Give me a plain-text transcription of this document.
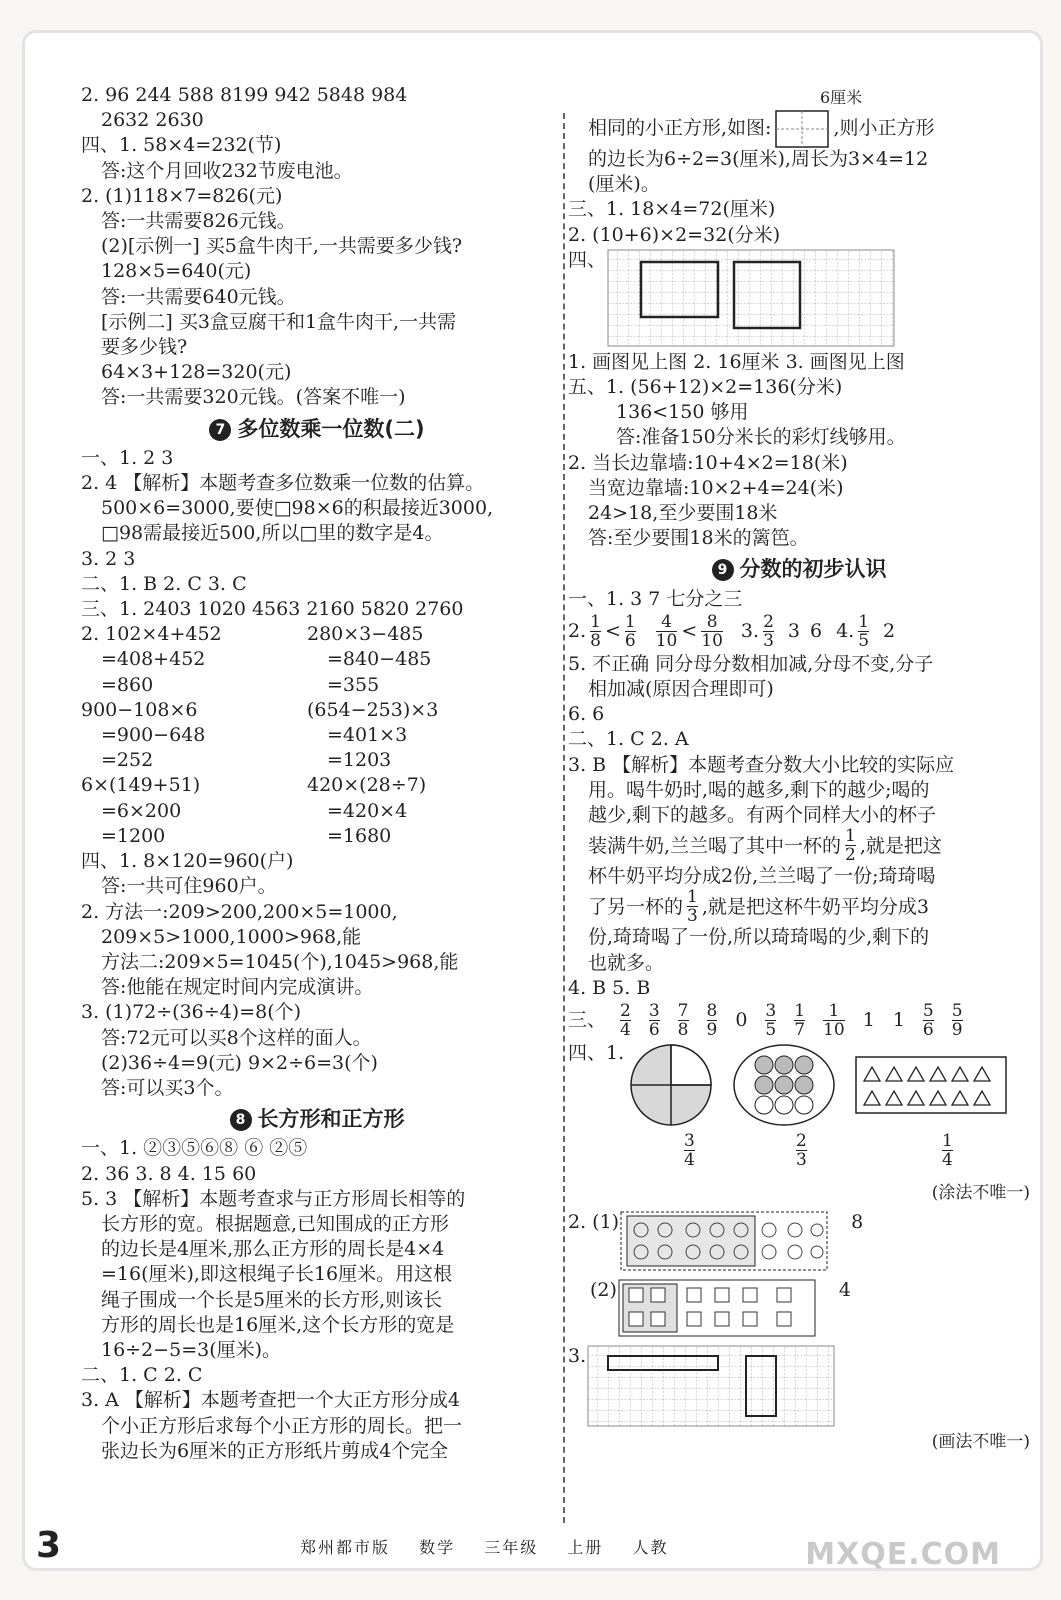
2. 96 244 588 8199 942 5848 984
2632 2630
四、1. 58×4=232(节)
答:这个月回收232节废电池。
2. (1)118×7=826(元)
答:一共需要826元钱。
(2)[示例一] 买5盒牛肉干,一共需要多少钱?
128×5=640(元)
答:一共需要640元钱。
[示例二] 买3盒豆腐干和1盒牛肉干,一共需
要多少钱?
64×3+128=320(元)
答:一共需要320元钱。(答案不唯一)
7 多位数乘一位数(二)
一、1. 2 3
2. 4 【解析】本题考查多位数乘一位数的估算。
500×6=3000,要使□98×6的积最接近3000,
□98需最接近500,所以□里的数字是4。
3. 2 3
二、1. B 2. C 3. C
三、1. 2403 1020 4563 2160 5820 2760
2. 102×4+452	280×3−485
=408+452	=840−485
=860	=355
900−108×6	(654−253)×3
=900−648	=401×3
=252	=1203
6×(149+51)	420×(28÷7)
=6×200	=420×4
=1200	=1680
四、1. 8×120=960(户)
答:一共可住960户。
2. 方法一:209>200,200×5=1000,
209×5>1000,1000>968,能
方法二:209×5=1045(个),1045>968,能
答:他能在规定时间内完成演讲。
3. (1)72÷(36÷4)=8(个)
答:72元可以买8个这样的面人。
(2)36÷4=9(元) 9×2÷6=3(个)
答:可以买3个。
8 长方形和正方形
一、1. ②③⑤⑥⑧ ⑥ ②⑤
2. 36 3. 8 4. 15 60
5. 3 【解析】本题考查求与正方形周长相等的
长方形的宽。根据题意,已知围成的正方形
的边长是4厘米,那么正方形的周长是4×4
=16(厘米),即这根绳子长16厘米。用这根
绳子围成一个长是5厘米的长方形,则该长
方形的周长也是16厘米,这个长方形的宽是
16÷2−5=3(厘米)。
二、1. C 2. C
3. A 【解析】本题考查把一个大正方形分成4
个小正方形后求每个小正方形的周长。把一
张边长为6厘米的正方形纸片剪成4个完全
6厘米
相同的小正方形,如图:	,则小正方形
的边长为6÷2=3(厘米),周长为3×4=12
(厘米)。
三、1. 18×4=72(厘米)
2. (10+6)×2=32(分米)
四、
1. 画图见上图 2. 16厘米 3. 画图见上图
五、1. (56+12)×2=136(分米)
136<150 够用
答:准备150分米长的彩灯线够用。
2. 当长边靠墙:10+4×2=18(米)
当宽边靠墙:10×2+4=24(米)
24>18,至少要围18米
答:至少要围18米的篱笆。
9 分数的初步认识
一、1. 3 7 七分之三
2. $\frac{1}{8} < \frac{1}{6} \frac{4}{10} < \frac{8}{10} 3$. $\frac{2}{3} 3$ 6 4. $\frac{1}{5} 2$
5. 不正确 同分母分数相加减,分母不变,分子
相加减(原因合理即可)
6. 6
二、1. C 2. A
3. B 【解析】本题考查分数大小比较的实际应
用。喝牛奶时,喝的越多,剩下的越少;喝的
越少,剩下的越多。有两个同样大小的杯子
装满牛奶,兰兰喝了其中一杯的 $\frac{1}{2}$ ,就是把这
杯牛奶平均分成2份,兰兰喝了一份;琦琦喝
了另一杯的 $\frac{1}{3}$ ,就是把这杯牛奶平均分成3
份,琦琦喝了一份,所以琦琦喝的少,剩下的
也就多。
4. B 5. B
三、 $\frac{2}{4} \frac{3}{6} \frac{7}{8} \frac{8}{9} 0 \frac{3}{5} \frac{1}{7} \frac{1}{10} 1$ $1 \frac{5}{6} \frac{5}{9}$
四、1.
$\frac{3}{4}$	$\frac{2}{3}$	$\frac{1}{4}$
(涂法不唯一)
2. (1)	8
(2)	4
3.
(画法不唯一)
3	郑州都市版 数学 三年级 上册 人教	MXQE.COM
